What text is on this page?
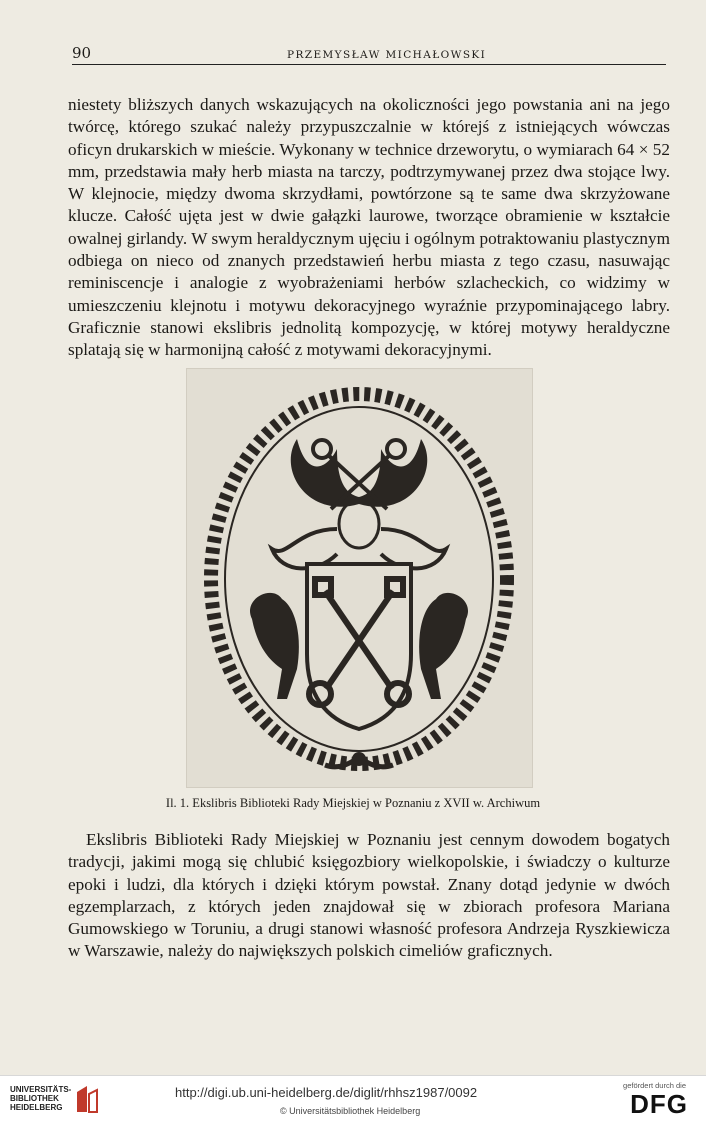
90	PRZEMYSŁAW MICHAŁOWSKI

niestety bliższych danych wskazujących na okoliczności jego powstania ani na jego twórcę, którego szukać należy przypuszczalnie w którejś z istniejących wówczas oficyn drukarskich w mieście. Wykonany w technice drzeworytu, o wymiarach 64 × 52 mm, przedstawia mały herb miasta na tarczy, podtrzymywanej przez dwa stojące lwy. W klejnocie, między dwoma skrzydłami, powtórzone są te same dwa skrzyżowane klucze. Całość ujęta jest w dwie gałązki laurowe, tworzące obramienie w kształcie owalnej girlandy. W swym heraldycznym ujęciu i ogólnym potraktowaniu plastycznym odbiega on nieco od znanych przedstawień herbu miasta z tego czasu, nasuwając reminiscencje i analogie z wyobrażeniami herbów szlacheckich, co widzimy w umieszczeniu klejnotu i motywu dekoracyjnego wyraźnie przypominającego labry. Graficznie stanowi ekslibris jednolitą kompozycję, w której motywy heraldyczne splatają się w harmonijną całość z motywami dekoracyjnymi.

Il. 1. Ekslibris Biblioteki Rady Miejskiej w Poznaniu z XVII w. Archiwum

Ekslibris Biblioteki Rady Miejskiej w Poznaniu jest cennym dowodem bogatych tradycji, jakimi mogą się chlubić księgozbiory wielkopolskie, i świadczy o kulturze epoki i ludzi, dla których i dzięki którym powstał. Znany dotąd jedynie w dwóch egzemplarzach, z których jeden znajdował się w zbiorach profesora Mariana Gumowskiego w Toruniu, a drugi stanowi własność profesora Andrzeja Ryszkiewicza w Warszawie, należy do największych polskich cimeliów graficznych.

UNIVERSITÄTS-
BIBLIOTHEK
HEIDELBERG
http://digi.ub.uni-heidelberg.de/diglit/rhhsz1987/0092
© Universitätsbibliothek Heidelberg
gefördert durch die
DFG
